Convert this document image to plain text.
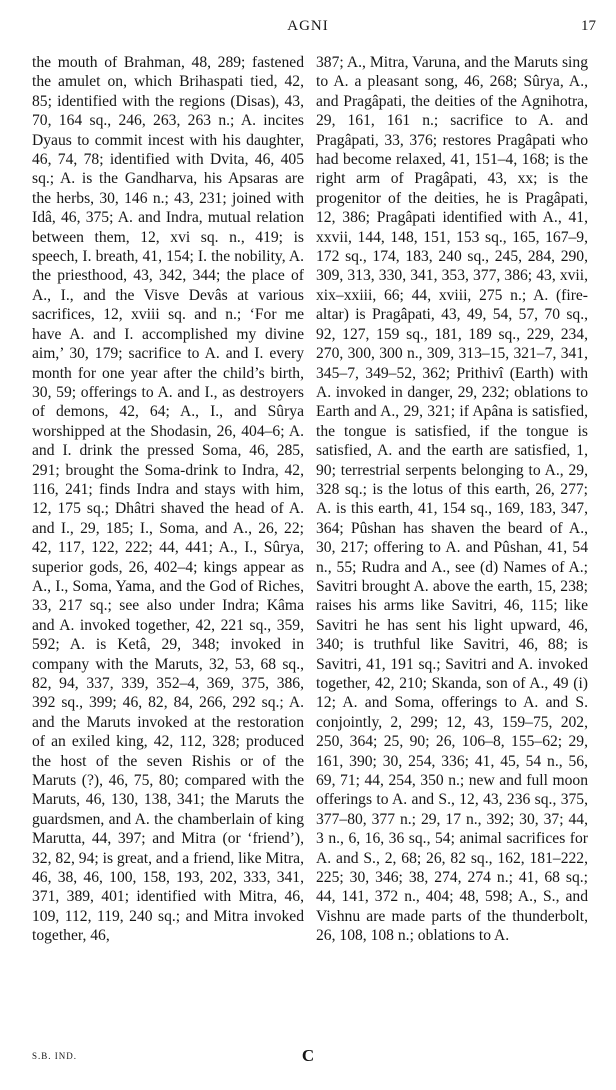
AGNI	17

the mouth of Brahman, 48, 289; fastened the amulet on, which Brihaspati tied, 42, 85; identified with the regions (Disas), 43, 70, 164 sq., 246, 263, 263 n.; A. incites Dyaus to commit incest with his daughter, 46, 74, 78; identified with Dvita, 46, 405 sq.; A. is the Gandharva, his Apsaras are the herbs, 30, 146 n.; 43, 231; joined with Idâ, 46, 375; A. and Indra, mutual relation between them, 12, xvi sq. n., 419; is speech, I. breath, 41, 154; I. the nobility, A. the priesthood, 43, 342, 344; the place of A., I., and the Visve Devâs at various sacrifices, 12, xviii sq. and n.; ‘For me have A. and I. accomplished my divine aim,’ 30, 179; sacrifice to A. and I. every month for one year after the child’s birth, 30, 59; offerings to A. and I., as destroyers of demons, 42, 64; A., I., and Sûrya worshipped at the Shodasin, 26, 404–6; A. and I. drink the pressed Soma, 46, 285, 291; brought the Soma-drink to Indra, 42, 116, 241; finds Indra and stays with him, 12, 175 sq.; Dhâtri shaved the head of A. and I., 29, 185; I., Soma, and A., 26, 22; 42, 117, 122, 222; 44, 441; A., I., Sûrya, superior gods, 26, 402–4; kings appear as A., I., Soma, Yama, and the God of Riches, 33, 217 sq.; see also under Indra; Kâma and A. invoked together, 42, 221 sq., 359, 592; A. is Ketâ, 29, 348; invoked in company with the Maruts, 32, 53, 68 sq., 82, 94, 337, 339, 352–4, 369, 375, 386, 392 sq., 399; 46, 82, 84, 266, 292 sq.; A. and the Maruts invoked at the restoration of an exiled king, 42, 112, 328; produced the host of the seven Rishis or of the Maruts (?), 46, 75, 80; compared with the Maruts, 46, 130, 138, 341; the Maruts the guardsmen, and A. the chamberlain of king Marutta, 44, 397; and Mitra (or ‘friend’), 32, 82, 94; is great, and a friend, like Mitra, 46, 38, 46, 100, 158, 193, 202, 333, 341, 371, 389, 401; identified with Mitra, 46, 109, 112, 119, 240 sq.; and Mitra invoked together, 46,

387; A., Mitra, Varuna, and the Maruts sing to A. a pleasant song, 46, 268; Sûrya, A., and Pragâpati, the deities of the Agnihotra, 29, 161, 161 n.; sacrifice to A. and Pragâpati, 33, 376; restores Pragâpati who had become relaxed, 41, 151–4, 168; is the right arm of Pragâpati, 43, xx; is the progenitor of the deities, he is Pragâpati, 12, 386; Pragâpati identified with A., 41, xxvii, 144, 148, 151, 153 sq., 165, 167–9, 172 sq., 174, 183, 240 sq., 245, 284, 290, 309, 313, 330, 341, 353, 377, 386; 43, xvii, xix–xxiii, 66; 44, xviii, 275 n.; A. (fire-altar) is Pragâpati, 43, 49, 54, 57, 70 sq., 92, 127, 159 sq., 181, 189 sq., 229, 234, 270, 300, 300 n., 309, 313–15, 321–7, 341, 345–7, 349–52, 362; Prithivî (Earth) with A. invoked in danger, 29, 232; oblations to Earth and A., 29, 321; if Apâna is satisfied, the tongue is satisfied, if the tongue is satisfied, A. and the earth are satisfied, 1, 90; terrestrial serpents belonging to A., 29, 328 sq.; is the lotus of this earth, 26, 277; A. is this earth, 41, 154 sq., 169, 183, 347, 364; Pûshan has shaven the beard of A., 30, 217; offering to A. and Pûshan, 41, 54 n., 55; Rudra and A., see (d) Names of A.; Savitri brought A. above the earth, 15, 238; raises his arms like Savitri, 46, 115; like Savitri he has sent his light upward, 46, 340; is truthful like Savitri, 46, 88; is Savitri, 41, 191 sq.; Savitri and A. invoked together, 42, 210; Skanda, son of A., 49 (i) 12; A. and Soma, offerings to A. and S. conjointly, 2, 299; 12, 43, 159–75, 202, 250, 364; 25, 90; 26, 106–8, 155–62; 29, 161, 390; 30, 254, 336; 41, 45, 54 n., 56, 69, 71; 44, 254, 350 n.; new and full moon offerings to A. and S., 12, 43, 236 sq., 375, 377–80, 377 n.; 29, 17 n., 392; 30, 37; 44, 3 n., 6, 16, 36 sq., 54; animal sacrifices for A. and S., 2, 68; 26, 82 sq., 162, 181–222, 225; 30, 346; 38, 274, 274 n.; 41, 68 sq.; 44, 141, 372 n., 404; 48, 598; A., S., and Vishnu are made parts of the thunderbolt, 26, 108, 108 n.; oblations to A.

S.B. IND.	C
